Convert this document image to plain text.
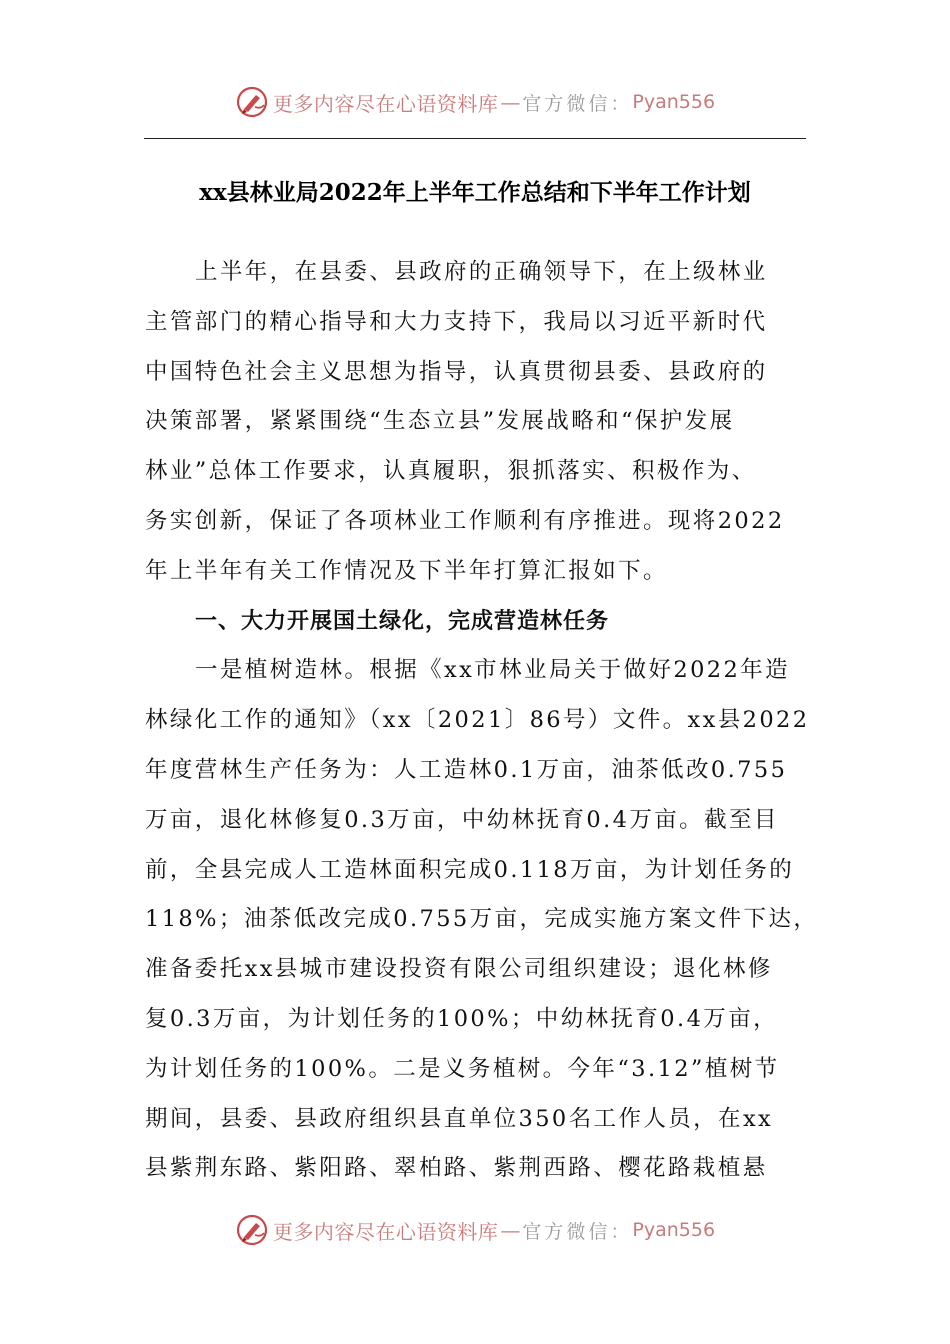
更多内容尽在心语资料库 — 官方微信： Pyan556
xx县林业局2022年上半年工作总结和下半年工作计划
上半年，在县委、县政府的正确领导下，在上级林业
主管部门的精心指导和大力支持下，我局以习近平新时代
中国特色社会主义思想为指导，认真贯彻县委、县政府的
决策部署，紧紧围绕“生态立县”发展战略和“保护发展
林业”总体工作要求，认真履职，狠抓落实、积极作为、
务实创新，保证了各项林业工作顺利有序推进。现将2022
年上半年有关工作情况及下半年打算汇报如下。
一、大力开展国土绿化，完成营造林任务
一是植树造林。根据《xx市林业局关于做好2022年造
林绿化工作的通知》（xx〔2021〕86号）文件。xx县2022
年度营林生产任务为：人工造林0.1万亩，油茶低改0.755
万亩，退化林修复0.3万亩，中幼林抚育0.4万亩。截至目
前，全县完成人工造林面积完成0.118万亩，为计划任务的
118%；油茶低改完成0.755万亩，完成实施方案文件下达，
准备委托xx县城市建设投资有限公司组织建设；退化林修
复0.3万亩，为计划任务的100%；中幼林抚育0.4万亩，
为计划任务的100%。二是义务植树。今年“3.12”植树节
期间，县委、县政府组织县直单位350名工作人员，在xx
县紫荆东路、紫阳路、翠柏路、紫荆西路、樱花路栽植悬
更多内容尽在心语资料库 — 官方微信： Pyan556
